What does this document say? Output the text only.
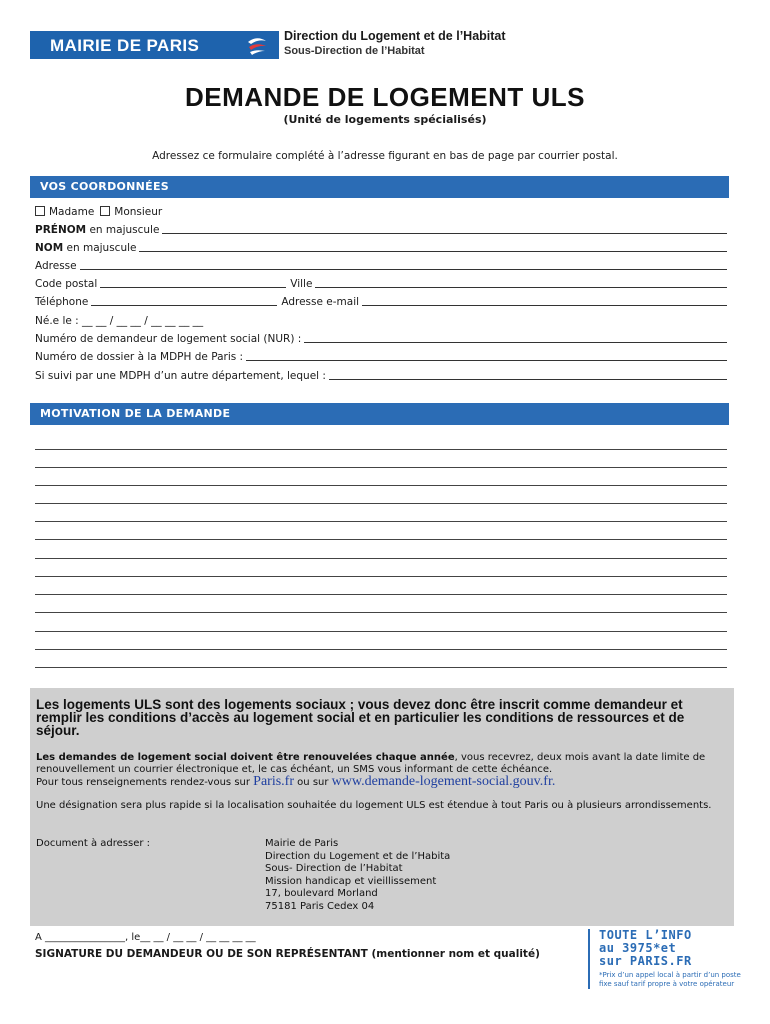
MAIRIE DE PARIS	Direction du Logement et de l’Habitat
Sous-Direction de l’Habitat
DEMANDE DE LOGEMENT ULS
(Unité de logements spécialisés)
Adressez ce formulaire complété à l’adresse figurant en bas de page par courrier postal.
VOS COORDONNÉES
Madame	Monsieur
PRÉNOM en majuscule
NOM en majuscule
Adresse
Code postal	Ville
Téléphone	Adresse e-mail
Né.e le : __ __ / __ __ / __ __ __ __
Numéro de demandeur de logement social (NUR) :
Numéro de dossier à la MDPH de Paris :
Si suivi par une MDPH d’un autre département, lequel :
MOTIVATION DE LA DEMANDE
Les logements ULS sont des logements sociaux ; vous devez donc être inscrit comme demandeur et remplir les conditions d’accès au logement social et en particulier les conditions de ressources et de séjour.
Les demandes de logement social doivent être renouvelées chaque année, vous recevrez, deux mois avant la date limite de renouvellement un courrier électronique et, le cas échéant, un SMS vous informant de cette échéance.
Pour tous renseignements rendez-vous sur Paris.fr ou sur www.demande-logement-social.gouv.fr.
Une désignation sera plus rapide si la localisation souhaitée du logement ULS est étendue à tout Paris ou à plusieurs arrondissements.
Document à adresser :	Mairie de Paris
Direction du Logement et de l’Habita
Sous- Direction de l’Habitat
Mission handicap et vieillissement
17, boulevard Morland
75181 Paris Cedex 04
A ________________, le__ __ / __ __ / __ __ __ __
SIGNATURE DU DEMANDEUR OU DE SON REPRÉSENTANT (mentionner nom et qualité)
TOUTE L’INFO
au 3975*et
sur PARIS.FR
*Prix d’un appel local à partir d’un poste fixe sauf tarif propre à votre opérateur
